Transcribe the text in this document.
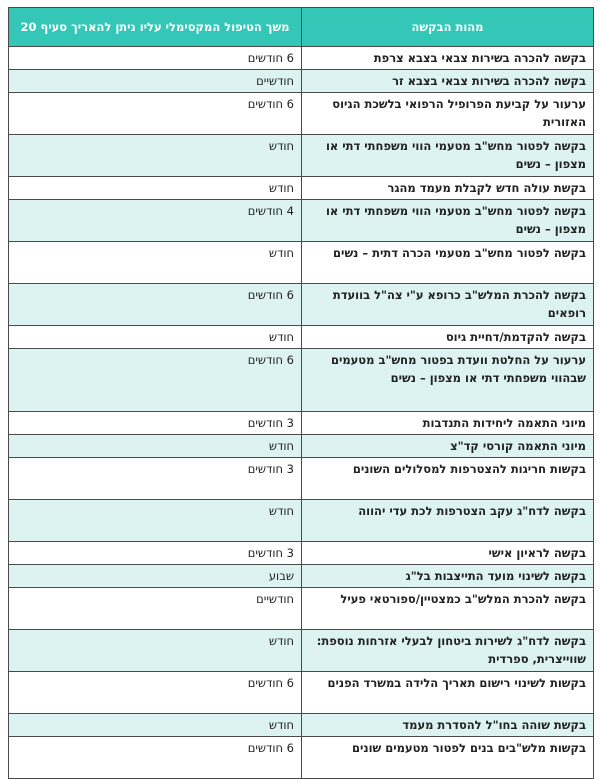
מהות הבקשה	משך הטיפול המקסימלי עליו ניתן להאריך סעיף 20
בקשה להכרה בשירות צבאי בצבא צרפת	6 חודשים
בקשה להכרה בשירות צבאי בצבא זר	חודשיים
ערעור על קביעת הפרופיל הרפואי בלשכת הגיוס האזורית	6 חודשים
בקשה לפטור מחש"ב מטעמי הווי משפחתי דתי או מצפון – נשים	חודש
בקשת עולה חדש לקבלת מעמד מהגר	חודש
בקשה לפטור מחש"ב מטעמי הווי משפחתי דתי או מצפון – נשים	4 חודשים
בקשה לפטור מחש"ב מטעמי הכרה דתית – נשים	חודש
בקשה להכרת המלש"ב כרופא ע"י צה"ל בוועדת רופאים	6 חודשים
בקשה להקדמת/דחיית גיוס	חודש
ערעור על החלטת וועדת בפטור מחש"ב מטעמים שבהווי משפחתי דתי או מצפון – נשים	6 חודשים
מיוני התאמה ליחידות התנדבות	3 חודשים
מיוני התאמה קורסי קד"צ	חודש
בקשות חריגות להצטרפות למסלולים השונים	3 חודשים
בקשה לדח"ג עקב הצטרפות לכת עדי יהווה	חודש
בקשה לראיון אישי	3 חודשים
בקשה לשינוי מועד התייצבות בל"ג	שבוע
בקשה להכרת המלש"ב כמצטיין/ספורטאי פעיל	חודשיים
בקשה לדח"ג לשירות ביטחון לבעלי אזרחות נוספת: שווייצרית, ספרדית	חודש
בקשות לשינוי רישום תאריך הלידה במשרד הפנים	6 חודשים
בקשת שוהה בחו"ל להסדרת מעמד	חודש
בקשות מלש"בים בנים לפטור מטעמים שונים	6 חודשים
